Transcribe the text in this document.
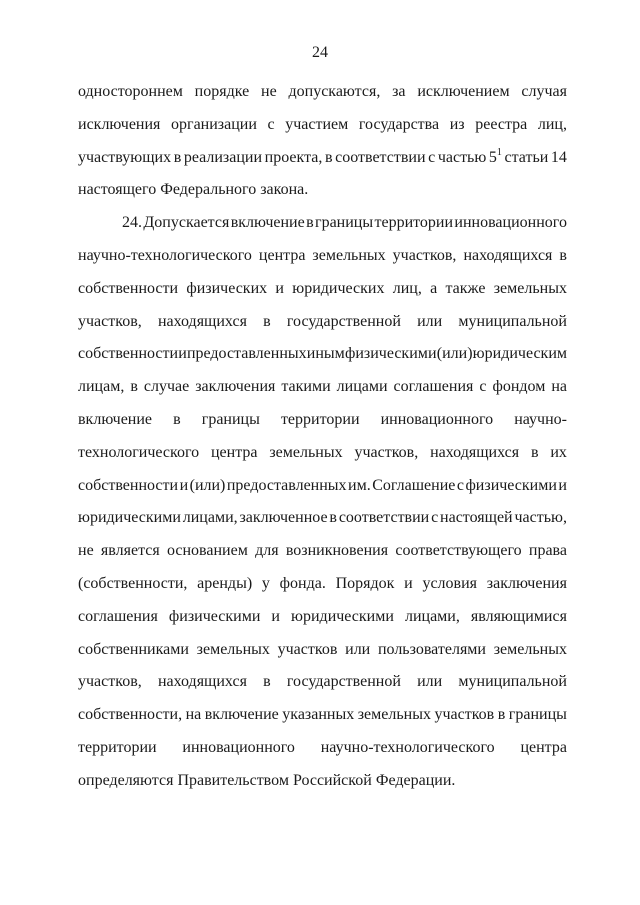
24
одностороннем порядке не допускаются, за исключением случая
исключения организации с участием государства из реестра лиц,
участвующих в реализации проекта, в соответствии с частью $5^1$ статьи 14
настоящего Федерального закона.
24. Допускается включение в границы территории инновационного
научно-технологического центра земельных участков, находящихся в
собственности физических и юридических лиц, а также земельных
участков, находящихся в государственной или муниципальной
собственности и предоставленных иным физическим и (или) юридическим
лицам, в случае заключения такими лицами соглашения с фондом на
включение в границы территории инновационного научно-
технологического центра земельных участков, находящихся в их
собственности и (или) предоставленных им. Соглашение с физическими и
юридическими лицами, заключенное в соответствии с настоящей частью,
не является основанием для возникновения соответствующего права
(собственности, аренды) у фонда. Порядок и условия заключения
соглашения физическими и юридическими лицами, являющимися
собственниками земельных участков или пользователями земельных
участков, находящихся в государственной или муниципальной
собственности, на включение указанных земельных участков в границы
территории инновационного научно-технологического центра
определяются Правительством Российской Федерации.
